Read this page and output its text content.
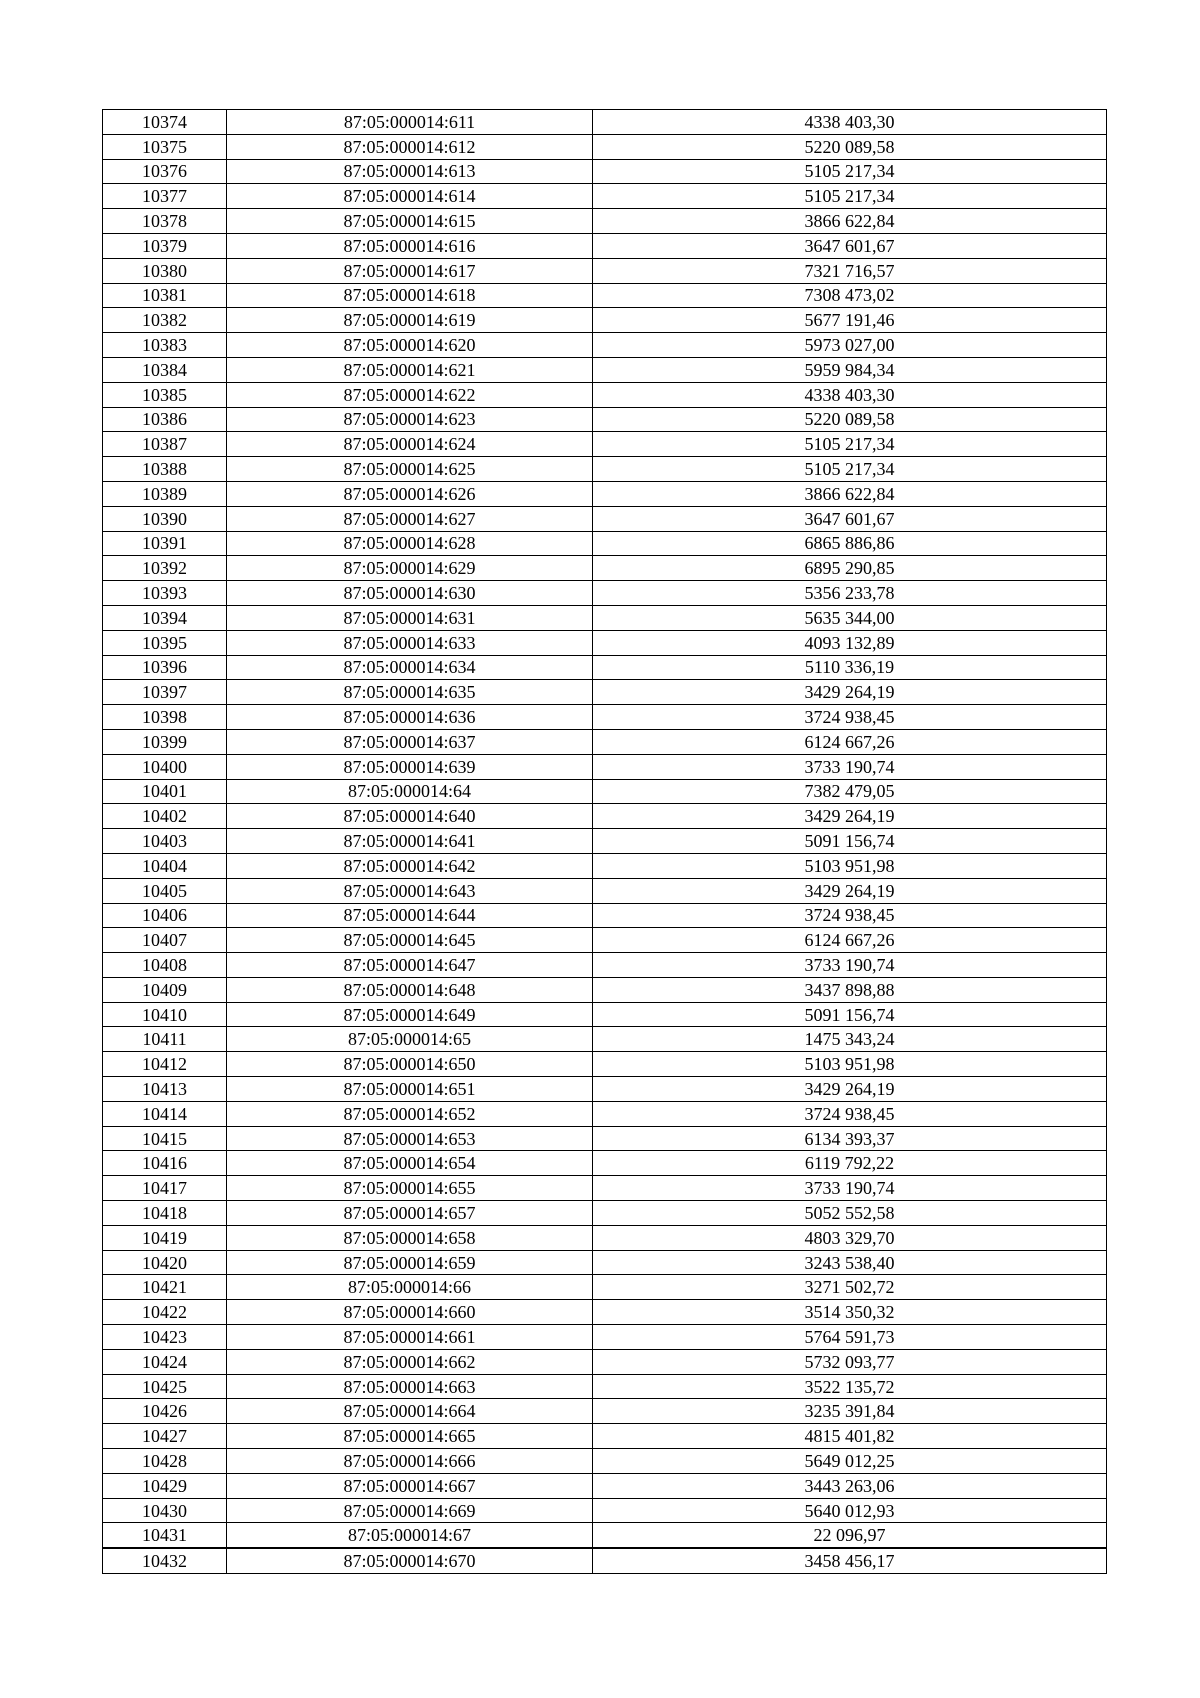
10374	87:05:000014:611	4338 403,30
10375	87:05:000014:612	5220 089,58
10376	87:05:000014:613	5105 217,34
10377	87:05:000014:614	5105 217,34
10378	87:05:000014:615	3866 622,84
10379	87:05:000014:616	3647 601,67
10380	87:05:000014:617	7321 716,57
10381	87:05:000014:618	7308 473,02
10382	87:05:000014:619	5677 191,46
10383	87:05:000014:620	5973 027,00
10384	87:05:000014:621	5959 984,34
10385	87:05:000014:622	4338 403,30
10386	87:05:000014:623	5220 089,58
10387	87:05:000014:624	5105 217,34
10388	87:05:000014:625	5105 217,34
10389	87:05:000014:626	3866 622,84
10390	87:05:000014:627	3647 601,67
10391	87:05:000014:628	6865 886,86
10392	87:05:000014:629	6895 290,85
10393	87:05:000014:630	5356 233,78
10394	87:05:000014:631	5635 344,00
10395	87:05:000014:633	4093 132,89
10396	87:05:000014:634	5110 336,19
10397	87:05:000014:635	3429 264,19
10398	87:05:000014:636	3724 938,45
10399	87:05:000014:637	6124 667,26
10400	87:05:000014:639	3733 190,74
10401	87:05:000014:64	7382 479,05
10402	87:05:000014:640	3429 264,19
10403	87:05:000014:641	5091 156,74
10404	87:05:000014:642	5103 951,98
10405	87:05:000014:643	3429 264,19
10406	87:05:000014:644	3724 938,45
10407	87:05:000014:645	6124 667,26
10408	87:05:000014:647	3733 190,74
10409	87:05:000014:648	3437 898,88
10410	87:05:000014:649	5091 156,74
10411	87:05:000014:65	1475 343,24
10412	87:05:000014:650	5103 951,98
10413	87:05:000014:651	3429 264,19
10414	87:05:000014:652	3724 938,45
10415	87:05:000014:653	6134 393,37
10416	87:05:000014:654	6119 792,22
10417	87:05:000014:655	3733 190,74
10418	87:05:000014:657	5052 552,58
10419	87:05:000014:658	4803 329,70
10420	87:05:000014:659	3243 538,40
10421	87:05:000014:66	3271 502,72
10422	87:05:000014:660	3514 350,32
10423	87:05:000014:661	5764 591,73
10424	87:05:000014:662	5732 093,77
10425	87:05:000014:663	3522 135,72
10426	87:05:000014:664	3235 391,84
10427	87:05:000014:665	4815 401,82
10428	87:05:000014:666	5649 012,25
10429	87:05:000014:667	3443 263,06
10430	87:05:000014:669	5640 012,93
10431	87:05:000014:67	22 096,97
10432	87:05:000014:670	3458 456,17
